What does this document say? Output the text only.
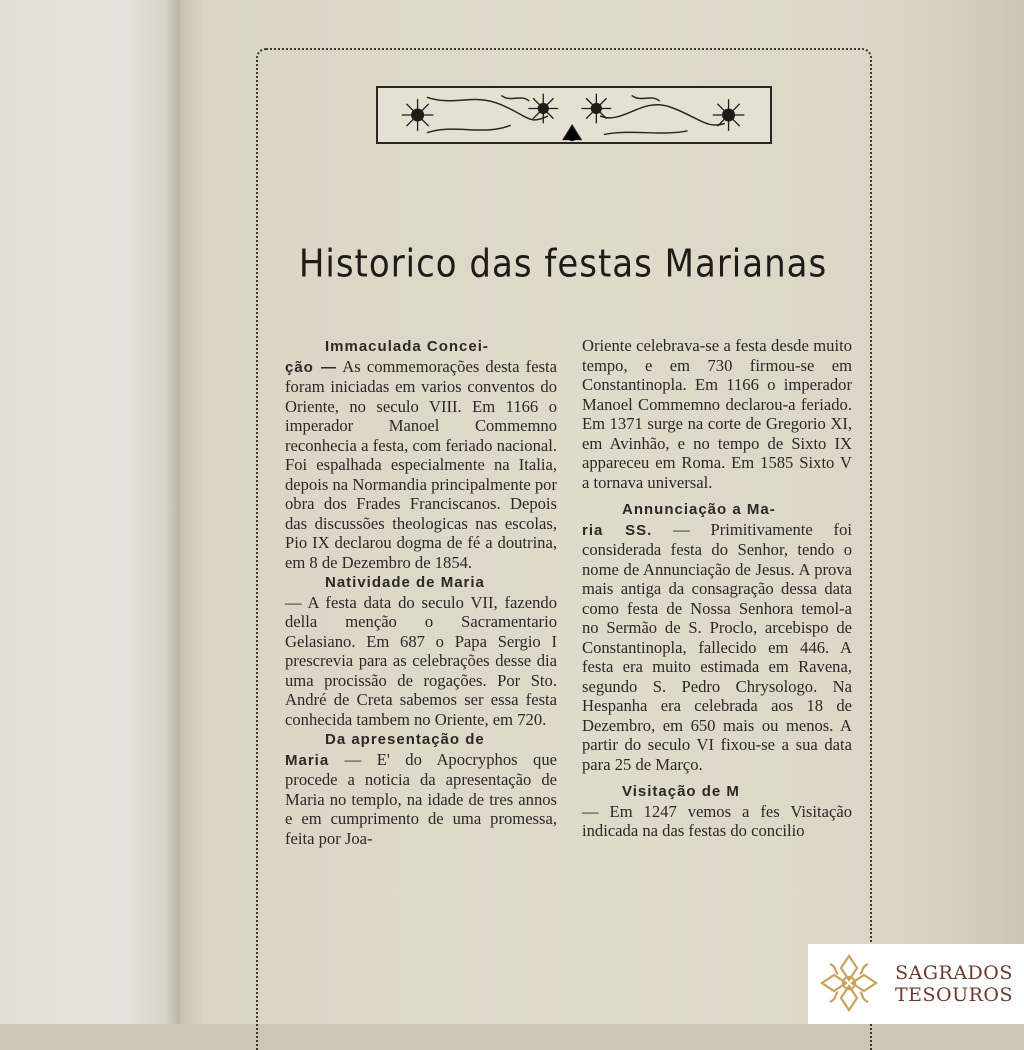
Historico das festas Marianas

Immaculada Concei-

ção — As commemorações desta festa foram iniciadas em varios conventos do Oriente, no seculo VIII. Em 1166 o imperador Manoel Commemno reconhecia a festa, com feriado nacional. Foi espalhada especialmente na Italia, depois na Normandia principalmente por obra dos Frades Franciscanos. Depois das discussões theologicas nas escolas, Pio IX declarou dogma de fé a doutrina, em 8 de Dezembro de 1854.

Natividade de Maria

— A festa data do seculo VII, fazendo della menção o Sacramentario Gelasiano. Em 687 o Papa Sergio I prescrevia para as celebrações desse dia uma procissão de rogações. Por Sto. André de Creta sabemos ser essa festa conhecida tambem no Oriente, em 720.

Da apresentação de

Maria — E' do Apocryphos que procede a noticia da apresentação de Maria no templo, na idade de tres annos e em cumprimento de uma promessa, feita por Joa-

Oriente celebrava-se a festa desde muito tempo, e em 730 firmou-se em Constantinopla. Em 1166 o imperador Manoel Commemno declarou-a feriado. Em 1371 surge na corte de Gregorio XI, em Avinhão, e no tempo de Sixto IX appareceu em Roma. Em 1585 Sixto V a tornava universal.

Annunciação a Ma-

ria SS. — Primitivamente foi considerada festa do Senhor, tendo o nome de Annunciação de Jesus. A prova mais antiga da consagração dessa data como festa de Nossa Senhora temol-a no Sermão de S. Proclo, arcebispo de Constantinopla, fallecido em 446. A festa era muito estimada em Ravena, segundo S. Pedro Chrysologo. Na Hespanha era celebrada aos 18 de Dezembro, em 650 mais ou menos. A partir do seculo VI fixou-se a sua data para 25 de Março.

Visitação de M

— Em 1247 vemos a fes Visitação indicada na das festas do concilio

SAGRADOS
TESOUROS
